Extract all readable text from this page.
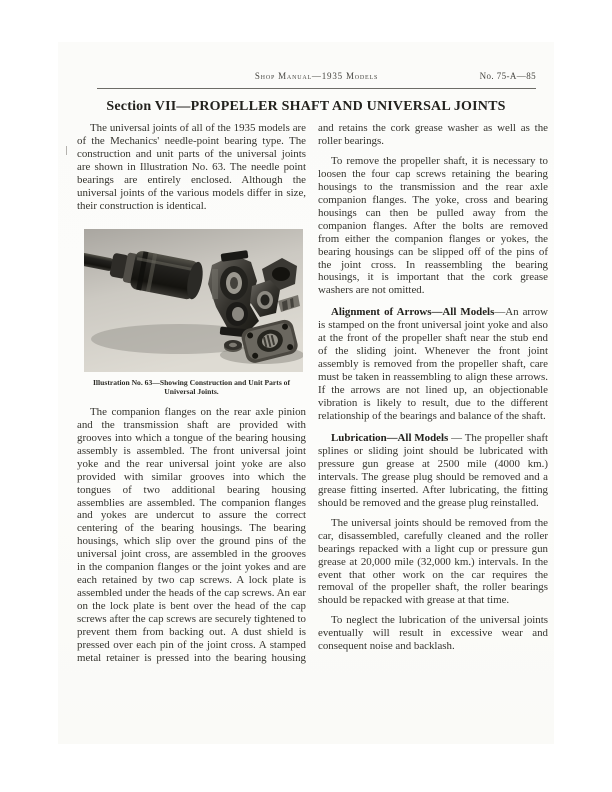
Shop Manual—1935 Models	No. 75-A—85
Section VII—PROPELLER SHAFT AND UNIVERSAL JOINTS

The universal joints of all of the 1935 models are of the Mechanics' needle-point bearing type. The construction and unit parts of the universal joints are shown in Illustration No. 63. The needle point bearings are entirely enclosed. Although the universal joints of the various models differ in size, their construction is identical.

Illustration No. 63—Showing Construction and Unit Parts of Universal Joints.

The companion flanges on the rear axle pinion and the transmission shaft are provided with grooves into which a tongue of the bearing housing assembly is assembled. The front universal joint yoke and the rear universal joint yoke are also provided with similar grooves into which the tongues of two additional bearing housing assemblies are assembled. The companion flanges and yokes are undercut to assure the correct centering of the bearing housings. The bearing housings, which slip over the ground pins of the universal joint cross, are assembled in the grooves in the companion flanges or the joint yokes and are each retained by two cap screws. A lock plate is assembled under the heads of the cap screws. An ear on the lock plate is bent over the head of the cap screws after the cap screws are securely tightened to prevent them from backing out. A dust shield is pressed over each pin of the joint cross. A stamped metal retainer is pressed into the bearing housing

and retains the cork grease washer as well as the roller bearings.

To remove the propeller shaft, it is necessary to loosen the four cap screws retaining the bearing housings to the transmission and the rear axle companion flanges. The yoke, cross and bearing housings can then be pulled away from the companion flanges. After the bolts are removed from either the companion flanges or yokes, the bearing housings can be slipped off of the pins of the joint cross. In reassembling the bearing housings, it is important that the cork grease washers are not omitted.

Alignment of Arrows—All Models—An arrow is stamped on the front universal joint yoke and also at the front of the propeller shaft near the stub end of the sliding joint. Whenever the front joint assembly is removed from the propeller shaft, care must be taken in reassembling to align these arrows. If the arrows are not lined up, an objectionable vibration is likely to result, due to the different relationship of the bearings and balance of the shaft.

Lubrication—All Models — The propeller shaft splines or sliding joint should be lubricated with pressure gun grease at 2500 mile (4000 km.) intervals. The grease plug should be removed and a grease fitting inserted. After lubricating, the fitting should be removed and the grease plug reinstalled.

The universal joints should be removed from the car, disassembled, carefully cleaned and the roller bearings repacked with a light cup or pressure gun grease at 20,000 mile (32,000 km.) intervals. In the event that other work on the car requires the removal of the propeller shaft, the roller bearings should be repacked with grease at that time.

To neglect the lubrication of the universal joints eventually will result in excessive wear and consequent noise and backlash.
